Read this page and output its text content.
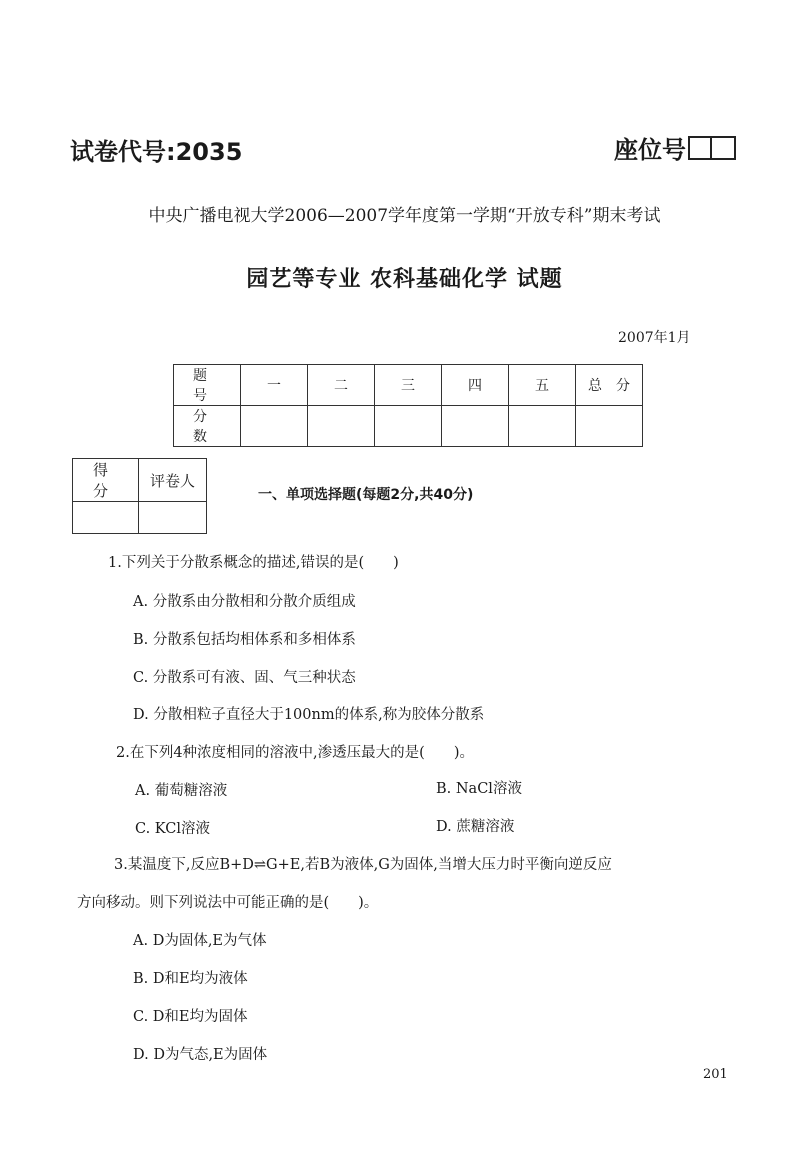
试卷代号:2035	座位号
中央广播电视大学2006—2007学年度第一学期“开放专科”期末考试
园艺等专业 农科基础化学 试题
2007年1月
题　号	一	二	三	四	五	总　分
分　数						
得　分	评卷人

一、单项选择题(每题2分,共40分)
1.下列关于分散系概念的描述,错误的是(　　)
A. 分散系由分散相和分散介质组成
B. 分散系包括均相体系和多相体系
C. 分散系可有液、固、气三种状态
D. 分散相粒子直径大于100nm的体系,称为胶体分散系
2.在下列4种浓度相同的溶液中,渗透压最大的是(　　)。
A. 葡萄糖溶液	B. NaCl溶液
C. KCl溶液	D. 蔗糖溶液
3.某温度下,反应B+D⇌G+E,若B为液体,G为固体,当增大压力时平衡向逆反应
方向移动。则下列说法中可能正确的是(　　)。
A. D为固体,E为气体
B. D和E均为液体
C. D和E均为固体
D. D为气态,E为固体
201
